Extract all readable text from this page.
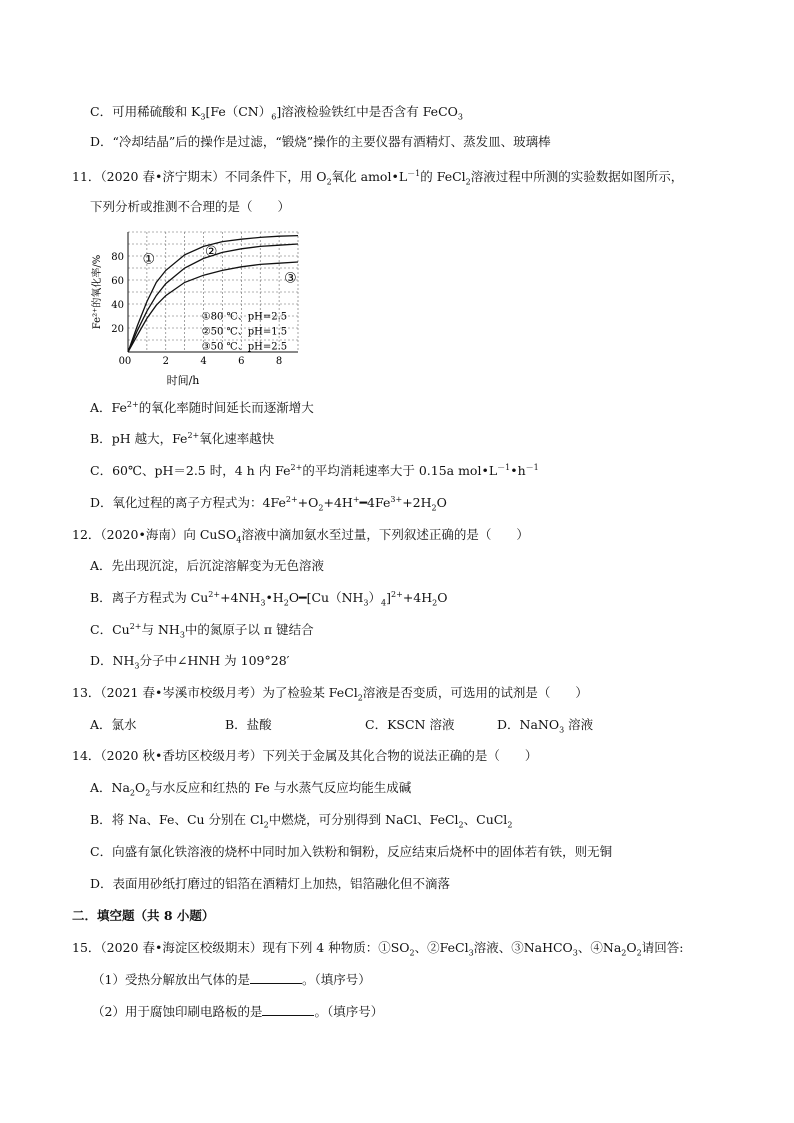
C．可用稀硫酸和 $K_3[Fe(CN)_6]$溶液检验铁红中是否含有 FeCO$_3$
D．“冷却结晶”后的操作是过滤，“锻烧”操作的主要仪器有酒精灯、蒸发皿、玻璃棒
11．（2020 春•济宁期末）不同条件下，用 $O_2$氧化 $amol•L^{-1}$的 FeCl$_2$溶液过程中所测的实验数据如图所示，
下列分析或推测不合理的是（　　）
0	2	4	6	8
0
20
40
60
80
时间/h
Fe²⁺的氧化率/%	①	②
③
①80 ℃、pH=2.5
②50 ℃、pH=1.5
③50 ℃、pH=2.5
A．$Fe^{2+}$的氧化率随时间延长而逐渐增大
B．pH 越大，$Fe^{2+}$氧化速率越快
C．60℃、pH＝2.5 时，4 h 内 $Fe^{2+}$的平均消耗速率大于 0.15a $mol•L^{-1}•h^{-1}$
D．氧化过程的离子方程式为：$4Fe^{2+}+O_2+4H^+━4Fe^{3+}+2H_2O$
12．（2020•海南）向 CuSO$_4$溶液中滴加氨水至过量，下列叙述正确的是（　　）
A．先出现沉淀，后沉淀溶解变为无色溶液
B．离子方程式为 $Cu^{2+}+4NH_3•H_2O━[Cu(NH_3)_4]^{2+}+4H_2O$
C．$Cu^{2+}$与 $NH_3$中的氮原子以 π 键结合
D．$NH_3$分子中∠HNH 为 109°28′
13．（2021 春•岑溪市校级月考）为了检验某 FeCl$_2$溶液是否变质，可选用的试剂是（　　）
A．氯水	B．盐酸	C．KSCN 溶液	D．NaNO$_3$ 溶液
14．（2020 秋•香坊区校级月考）下列关于金属及其化合物的说法正确的是（　　）
A．$Na_2O_2$与水反应和红热的 Fe 与水蒸气反应均能生成碱
B．将 Na、Fe、Cu 分别在 $Cl_2$中燃烧，可分别得到 NaCl、FeCl$_2$、CuCl$_2$
C．向盛有氯化铁溶液的烧杯中同时加入铁粉和铜粉，反应结束后烧杯中的固体若有铁，则无铜
D．表面用砂纸打磨过的铝箔在酒精灯上加热，铝箔融化但不滴落
二．填空题（共 8 小题）
15．（2020 春•海淀区校级期末）现有下列 4 种物质：$①SO_2$、②FeCl$_3$溶液、③NaHCO$_3$、$④Na_2O_2$请回答:
（1）受热分解放出气体的是	。（填序号）
（2）用于腐蚀印刷电路板的是	。（填序号）
